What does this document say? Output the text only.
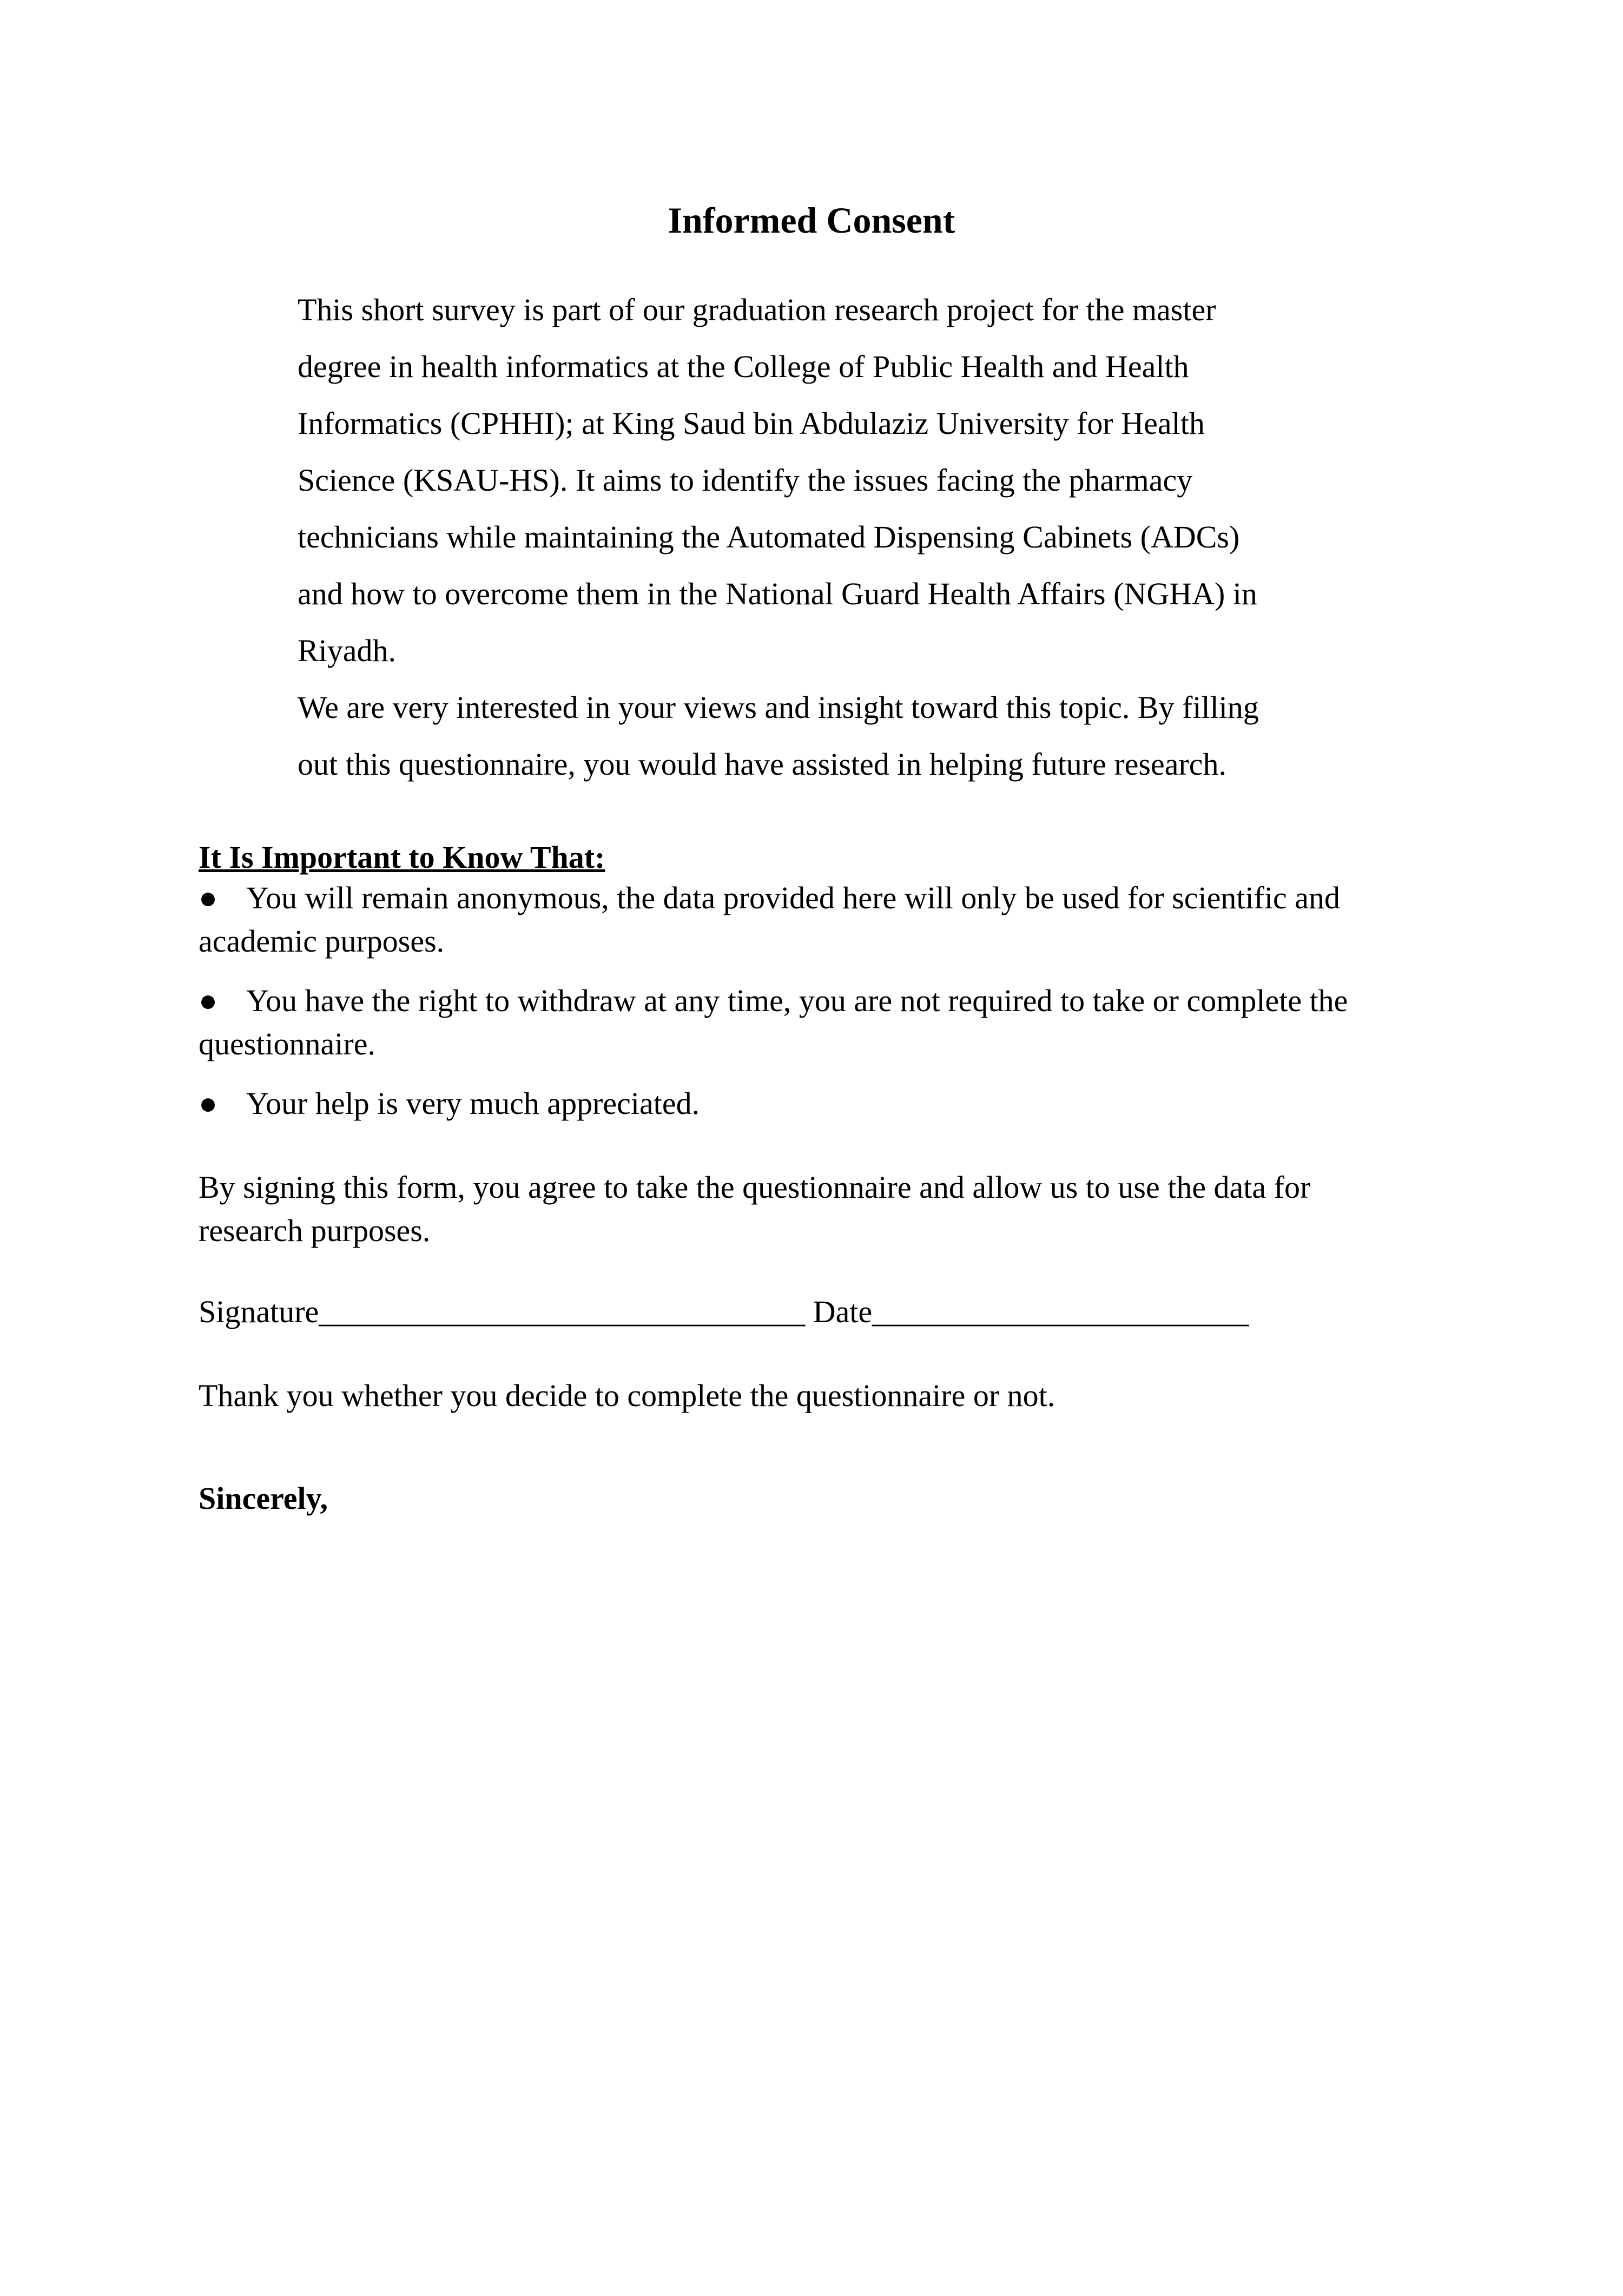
Informed Consent

This short survey is part of our graduation research project for the master

degree in health informatics at the College of Public Health and Health

Informatics (CPHHI); at King Saud bin Abdulaziz University for Health

Science (KSAU-HS). It aims to identify the issues facing the pharmacy

technicians while maintaining the Automated Dispensing Cabinets (ADCs)

and how to overcome them in the National Guard Health Affairs (NGHA) in

Riyadh.

We are very interested in your views and insight toward this topic. By filling

out this questionnaire, you would have assisted in helping future research.

It Is Important to Know That:
● You will remain anonymous, the data provided here will only be used for scientific and
academic purposes.
● You have the right to withdraw at any time, you are not required to take or complete the
questionnaire.
● Your help is very much appreciated.
By signing this form, you agree to take the questionnaire and allow us to use the data for
research purposes.
Signature_______________________________ Date________________________
Thank you whether you decide to complete the questionnaire or not.
Sincerely,
